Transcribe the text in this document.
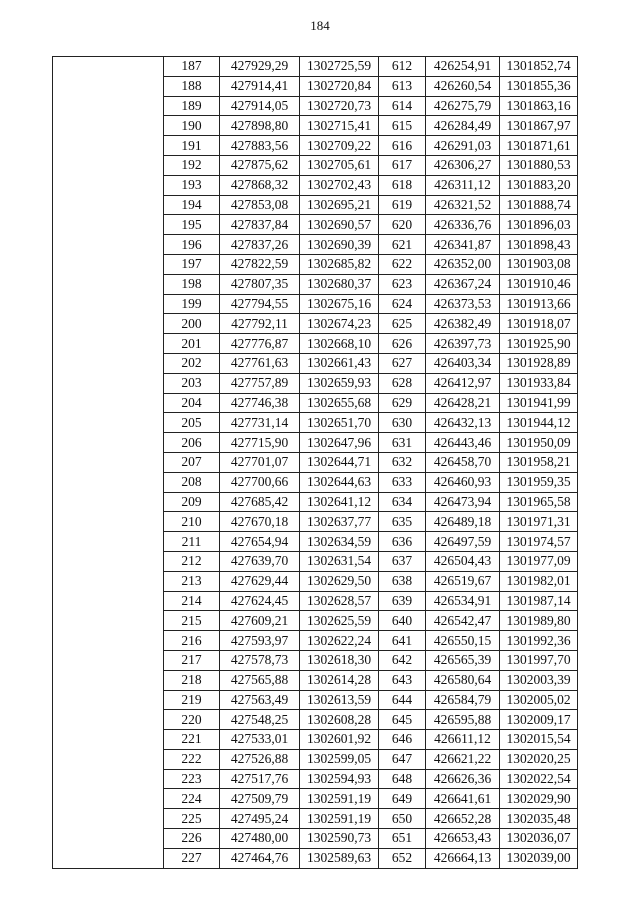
184
	187	427929,29	1302725,59	612	426254,91	1301852,74
	188	427914,41	1302720,84	613	426260,54	1301855,36
	189	427914,05	1302720,73	614	426275,79	1301863,16
	190	427898,80	1302715,41	615	426284,49	1301867,97
	191	427883,56	1302709,22	616	426291,03	1301871,61
	192	427875,62	1302705,61	617	426306,27	1301880,53
	193	427868,32	1302702,43	618	426311,12	1301883,20
	194	427853,08	1302695,21	619	426321,52	1301888,74
	195	427837,84	1302690,57	620	426336,76	1301896,03
	196	427837,26	1302690,39	621	426341,87	1301898,43
	197	427822,59	1302685,82	622	426352,00	1301903,08
	198	427807,35	1302680,37	623	426367,24	1301910,46
	199	427794,55	1302675,16	624	426373,53	1301913,66
	200	427792,11	1302674,23	625	426382,49	1301918,07
	201	427776,87	1302668,10	626	426397,73	1301925,90
	202	427761,63	1302661,43	627	426403,34	1301928,89
	203	427757,89	1302659,93	628	426412,97	1301933,84
	204	427746,38	1302655,68	629	426428,21	1301941,99
	205	427731,14	1302651,70	630	426432,13	1301944,12
	206	427715,90	1302647,96	631	426443,46	1301950,09
	207	427701,07	1302644,71	632	426458,70	1301958,21
	208	427700,66	1302644,63	633	426460,93	1301959,35
	209	427685,42	1302641,12	634	426473,94	1301965,58
	210	427670,18	1302637,77	635	426489,18	1301971,31
	211	427654,94	1302634,59	636	426497,59	1301974,57
	212	427639,70	1302631,54	637	426504,43	1301977,09
	213	427629,44	1302629,50	638	426519,67	1301982,01
	214	427624,45	1302628,57	639	426534,91	1301987,14
	215	427609,21	1302625,59	640	426542,47	1301989,80
	216	427593,97	1302622,24	641	426550,15	1301992,36
	217	427578,73	1302618,30	642	426565,39	1301997,70
	218	427565,88	1302614,28	643	426580,64	1302003,39
	219	427563,49	1302613,59	644	426584,79	1302005,02
	220	427548,25	1302608,28	645	426595,88	1302009,17
	221	427533,01	1302601,92	646	426611,12	1302015,54
	222	427526,88	1302599,05	647	426621,22	1302020,25
	223	427517,76	1302594,93	648	426626,36	1302022,54
	224	427509,79	1302591,19	649	426641,61	1302029,90
	225	427495,24	1302591,19	650	426652,28	1302035,48
	226	427480,00	1302590,73	651	426653,43	1302036,07
	227	427464,76	1302589,63	652	426664,13	1302039,00
